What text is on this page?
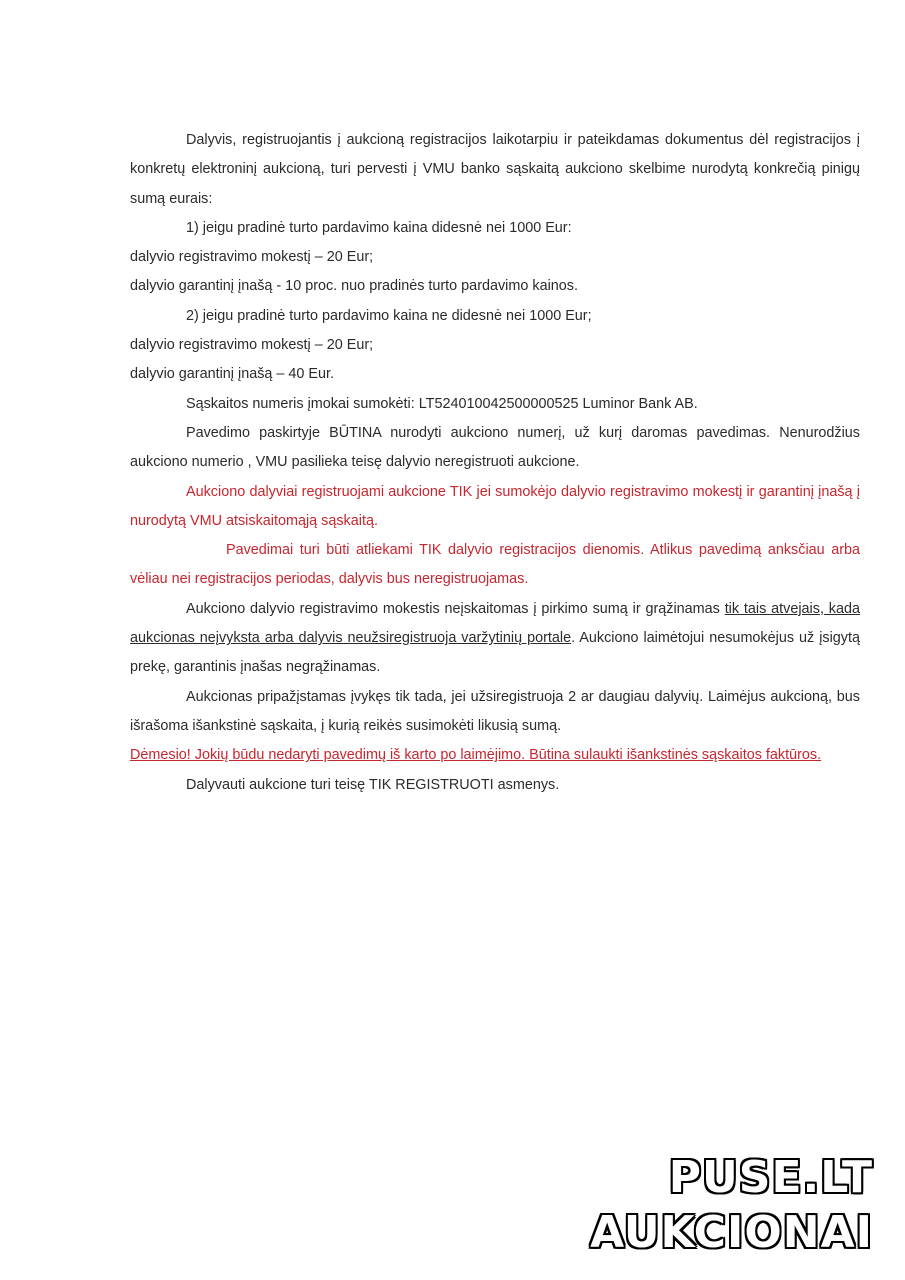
Dalyvis, registruojantis į aukcioną registracijos laikotarpiu ir pateikdamas dokumentus dėl registracijos į konkretų elektroninį aukcioną, turi pervesti į VMU banko sąskaitą aukciono skelbime nurodytą konkrečią pinigų sumą eurais:

1) jeigu pradinė turto pardavimo kaina didesnė nei 1000 Eur:

dalyvio registravimo mokestį – 20 Eur;

dalyvio garantinį įnašą - 10 proc. nuo pradinės turto pardavimo kainos.

2) jeigu pradinė turto pardavimo kaina ne didesnė nei 1000 Eur;

dalyvio registravimo mokestį – 20 Eur;

dalyvio garantinį įnašą – 40 Eur.

Sąskaitos numeris įmokai sumokėti: LT524010042500000525 Luminor Bank AB.

Pavedimo paskirtyje BŪTINA nurodyti aukciono numerį, už kurį daromas pavedimas. Nenurodžius aukciono numerio , VMU pasilieka teisę dalyvio neregistruoti aukcione.

Aukciono dalyviai registruojami aukcione TIK jei sumokėjo dalyvio registravimo mokestį ir garantinį įnašą į nurodytą VMU atsiskaitomąją sąskaitą.

Pavedimai turi būti atliekami TIK dalyvio registracijos dienomis. Atlikus pavedimą anksčiau arba vėliau nei registracijos periodas, dalyvis bus neregistruojamas.

Aukciono dalyvio registravimo mokestis neįskaitomas į pirkimo sumą ir grąžinamas tik tais atvejais, kada aukcionas neįvyksta arba dalyvis neužsiregistruoja varžytinių portale. Aukciono laimėtojui nesumokėjus už įsigytą prekę, garantinis įnašas negrąžinamas.

Aukcionas pripažįstamas įvykęs tik tada, jei užsiregistruoja 2 ar daugiau dalyvių. Laimėjus aukcioną, bus išrašoma išankstinė sąskaita, į kurią reikės susimokėti likusią sumą.

Dėmesio! Jokių būdu nedaryti pavedimų iš karto po laimėjimo. Būtina sulaukti išankstinės sąskaitos faktūros.

Dalyvauti aukcione turi teisę TIK REGISTRUOTI asmenys.

PUSE.LT
AUKCIONAI
